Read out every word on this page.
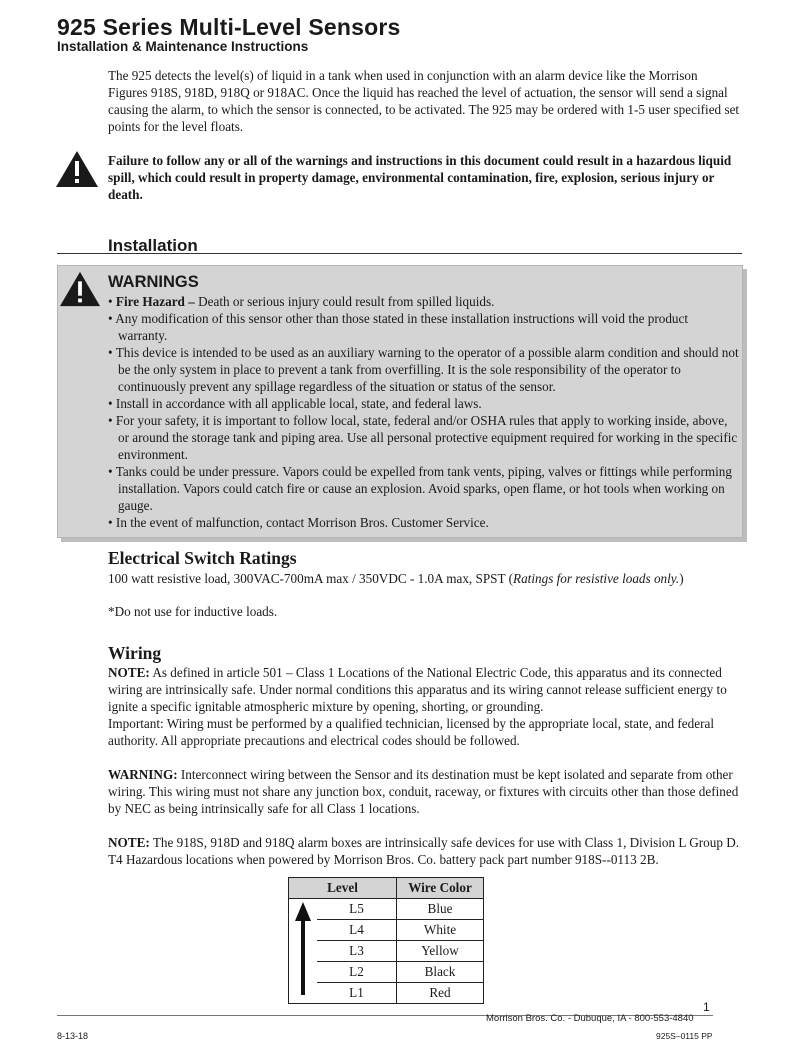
925 Series Multi-Level Sensors
Installation & Maintenance Instructions

The 925 detects the level(s) of liquid in a tank when used in conjunction with an alarm device like the Morrison Figures 918S, 918D, 918Q or 918AC. Once the liquid has reached the level of actuation, the sensor will send a signal causing the alarm, to which the sensor is connected, to be activated. The 925 may be ordered with 1-5 user specified set points for the level floats.

Failure to follow any or all of the warnings and instructions in this document could result in a hazardous liquid spill, which could result in property damage, environmental contamination, fire, explosion, serious injury or death.

Installation
WARNINGS
• Fire Hazard – Death or serious injury could result from spilled liquids.
• Any modification of this sensor other than those stated in these installation instructions will void the product warranty.
• This device is intended to be used as an auxiliary warning to the operator of a possible alarm condition and should not be the only system in place to prevent a tank from overfilling. It is the sole responsibility of the operator to continuously prevent any spillage regardless of the situation or status of the sensor.
• Install in accordance with all applicable local, state, and federal laws.
• For your safety, it is important to follow local, state, federal and/or OSHA rules that apply to working inside, above, or around the storage tank and piping area. Use all personal protective equipment required for working in the specific environment.
• Tanks could be under pressure. Vapors could be expelled from tank vents, piping, valves or fittings while performing installation. Vapors could catch fire or cause an explosion. Avoid sparks, open flame, or hot tools when working on gauge.
• In the event of malfunction, contact Morrison Bros. Customer Service.
Electrical Switch Ratings
100 watt resistive load, 300VAC-700mA max / 350VDC - 1.0A max, SPST (Ratings for resistive loads only.)
*Do not use for inductive loads.
Wiring
NOTE: As defined in article 501 – Class 1 Locations of the National Electric Code, this apparatus and its connected wiring are intrinsically safe. Under normal conditions this apparatus and its wiring cannot release sufficient energy to ignite a specific ignitable atmospheric mixture by opening, shorting, or grounding.
Important: Wiring must be performed by a qualified technician, licensed by the appropriate local, state, and federal authority. All appropriate precautions and electrical codes should be followed.
WARNING: Interconnect wiring between the Sensor and its destination must be kept isolated and separate from other wiring. This wiring must not share any junction box, conduit, raceway, or fixtures with circuits other than those defined by NEC as being intrinsically safe for all Class 1 locations.
NOTE: The 918S, 918D and 918Q alarm boxes are intrinsically safe devices for use with Class 1, Division L Group D. T4 Hazardous locations when powered by Morrison Bros. Co. battery pack part number 918S--0113 2B.
Level		Wire Color
	L5	Blue
	L4	White
	L3	Yellow
	L2	Black
	L1	Red
1
Morrison Bros. Co. - Dubuque, IA - 800-553-4840
8-13-18	925S–0115 PP
